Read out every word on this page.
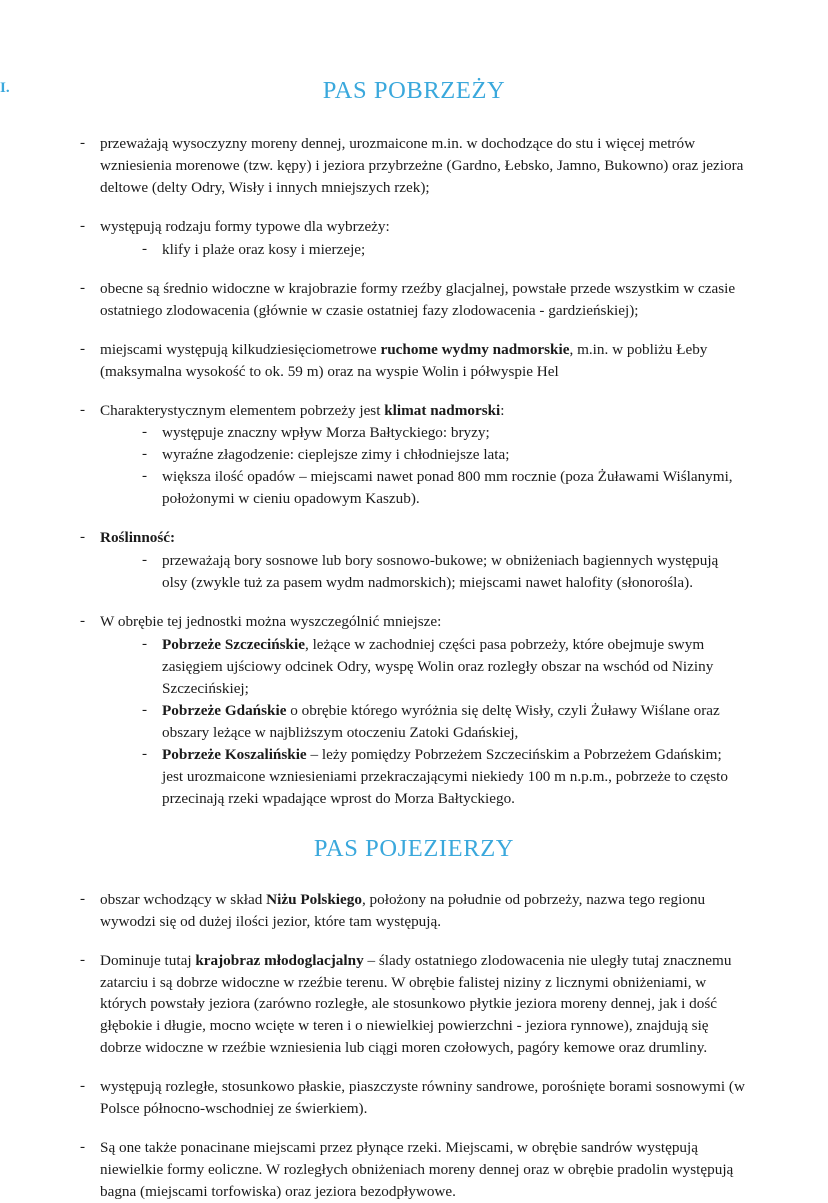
I.	PAS POBRZEŻY
- przeważają wysoczyzny moreny dennej, urozmaicone m.in. w dochodzące do stu i więcej metrów wzniesienia morenowe (tzw. kępy) i jeziora przybrzeżne (Gardno, Łebsko, Jamno, Bukowno) oraz jeziora deltowe (delty Odry, Wisły i innych mniejszych rzek);
- występują rodzaju formy typowe dla wybrzeży:
- klify i plaże oraz kosy i mierzeje;
- obecne są średnio widoczne w krajobrazie formy rzeźby glacjalnej, powstałe przede wszystkim w czasie ostatniego zlodowacenia (głównie w czasie ostatniej fazy zlodowacenia - gardzieńskiej);
- miejscami występują kilkudziesięciometrowe ruchome wydmy nadmorskie, m.in. w pobliżu Łeby (maksymalna wysokość to ok. 59 m) oraz na wyspie Wolin i półwyspie Hel
- Charakterystycznym elementem pobrzeży jest klimat nadmorski:
- występuje znaczny wpływ Morza Bałtyckiego: bryzy;
- wyraźne złagodzenie: cieplejsze zimy i chłodniejsze lata;
- większa ilość opadów – miejscami nawet ponad 800 mm rocznie (poza Żuławami Wiślanymi, położonymi w cieniu opadowym Kaszub).
- Roślinność:
- przeważają bory sosnowe lub bory sosnowo-bukowe; w obniżeniach bagiennych występują olsy (zwykle tuż za pasem wydm nadmorskich); miejscami nawet halofity (słonorośla).
- W obrębie tej jednostki można wyszczególnić mniejsze:
- Pobrzeże Szczecińskie, leżące w zachodniej części pasa pobrzeży, które obejmuje swym zasięgiem ujściowy odcinek Odry, wyspę Wolin oraz rozległy obszar na wschód od Niziny Szczecińskiej;
- Pobrzeże Gdańskie o obrębie którego wyróżnia się deltę Wisły, czyli Żuławy Wiślane oraz obszary leżące w najbliższym otoczeniu Zatoki Gdańskiej,
- Pobrzeże Koszalińskie – leży pomiędzy Pobrzeżem Szczecińskim a Pobrzeżem Gdańskim; jest urozmaicone wzniesieniami przekraczającymi niekiedy 100 m n.p.m., pobrzeże to często przecinają rzeki wpadające wprost do Morza Bałtyckiego.
PAS POJEZIERZY
- obszar wchodzący w skład Niżu Polskiego, położony na południe od pobrzeży, nazwa tego regionu wywodzi się od dużej ilości jezior, które tam występują.
- Dominuje tutaj krajobraz młodoglacjalny – ślady ostatniego zlodowacenia nie uległy tutaj znacznemu zatarciu i są dobrze widoczne w rzeźbie terenu. W obrębie falistej niziny z licznymi obniżeniami, w których powstały jeziora (zarówno rozległe, ale stosunkowo płytkie jeziora moreny dennej, jak i dość głębokie i długie, mocno wcięte w teren i o niewielkiej powierzchni - jeziora rynnowe), znajdują się dobrze widoczne w rzeźbie wzniesienia lub ciągi moren czołowych, pagóry kemowe oraz drumliny.
- występują rozległe, stosunkowo płaskie, piaszczyste równiny sandrowe, porośnięte borami sosnowymi (w Polsce północno-wschodniej ze świerkiem).
- Są one także ponacinane miejscami przez płynące rzeki. Miejscami, w obrębie sandrów występują niewielkie formy eoliczne. W rozległych obniżeniach moreny dennej oraz w obrębie pradolin występują bagna (miejscami torfowiska) oraz jeziora bezodpływowe.
